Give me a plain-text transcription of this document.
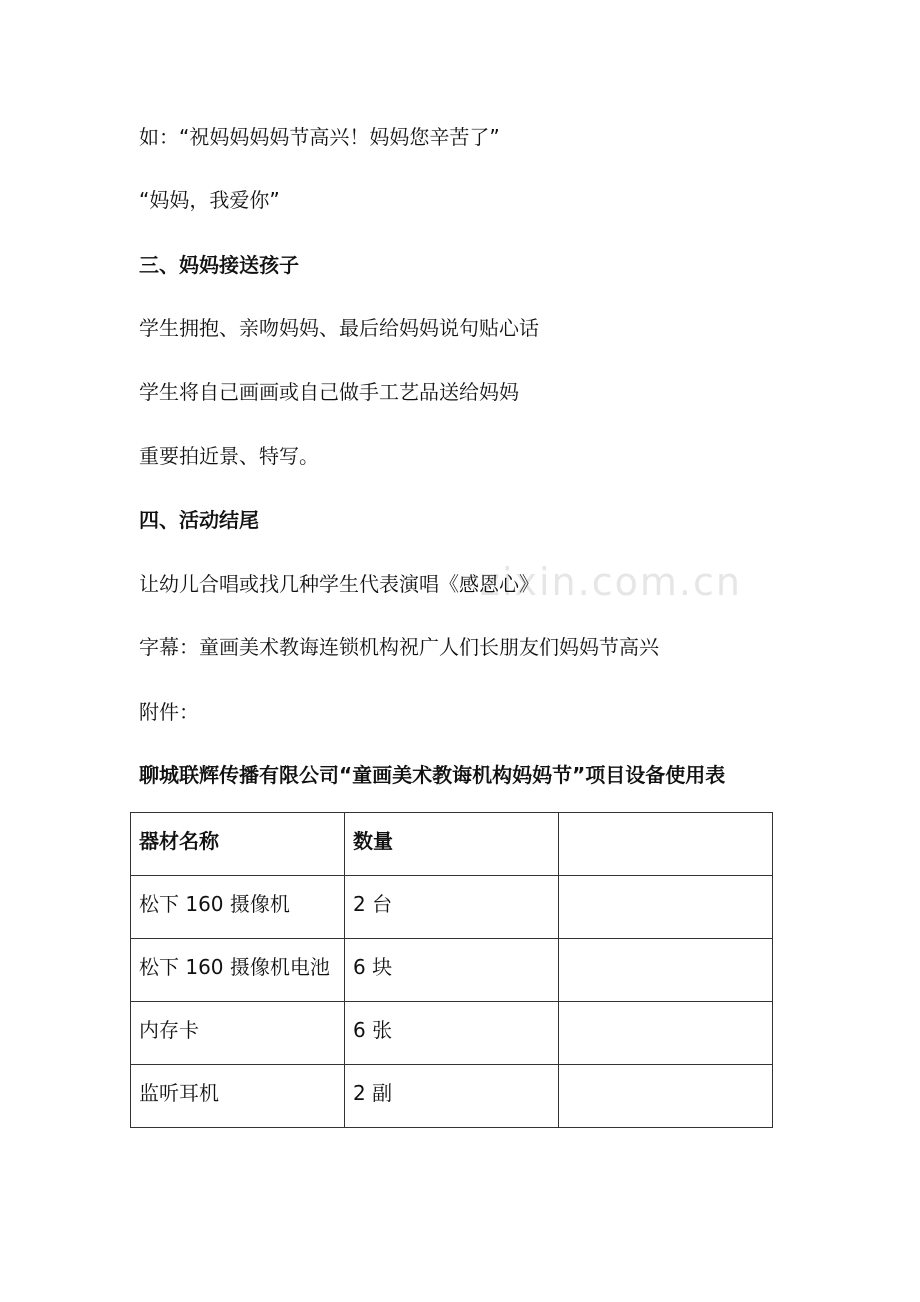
zixin.com.cn
如：“祝妈妈妈妈节高兴！妈妈您辛苦了”
“妈妈，我爱你”
三、妈妈接送孩子
学生拥抱、亲吻妈妈、最后给妈妈说句贴心话
学生将自己画画或自己做手工艺品送给妈妈
重要拍近景、特写。
四、活动结尾
让幼儿合唱或找几种学生代表演唱《感恩心》
字幕：童画美术教诲连锁机构祝广人们长朋友们妈妈节高兴
附件：
聊城联辉传播有限公司“童画美术教诲机构妈妈节”项目设备使用表
器材名称	数量	
松下 160 摄像机	2 台	
松下 160 摄像机电池	6 块	
内存卡	6 张	
监听耳机	2 副	
